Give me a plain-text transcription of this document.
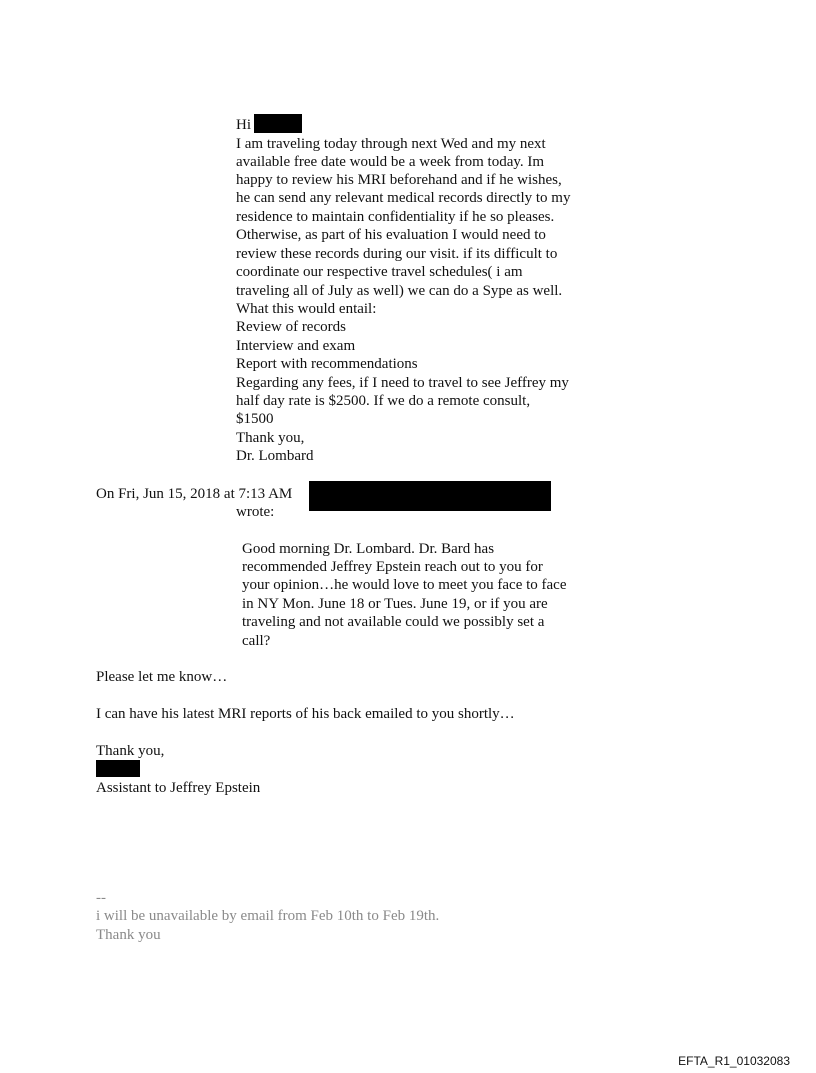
Hi
I am traveling today through next Wed and my next
available free date would be a week from today. Im
happy to review his MRI beforehand and if he wishes,
he can send any relevant medical records directly to my
residence to maintain confidentiality if he so pleases.
Otherwise, as part of his evaluation I would need to
review these records during our visit. if its difficult to
coordinate our respective travel schedules( i am
traveling all of July as well) we can do a Sype as well.
What this would entail:
Review of records
Interview and exam
Report with recommendations
Regarding any fees, if I need to travel to see Jeffrey my
half day rate is $2500. If we do a remote consult,
$1500
Thank you,
Dr. Lombard
On Fri, Jun 15, 2018 at 7:13 AM
wrote:
Good morning Dr. Lombard. Dr. Bard has
recommended Jeffrey Epstein reach out to you for
your opinion…he would love to meet you face to face
in NY Mon. June 18 or Tues. June 19, or if you are
traveling and not available could we possibly set a
call?
Please let me know…
I can have his latest MRI reports of his back emailed to you shortly…
Thank you,
Assistant to Jeffrey Epstein
--
i will be unavailable by email from Feb 10th to Feb 19th.
Thank you
EFTA_R1_01032083
